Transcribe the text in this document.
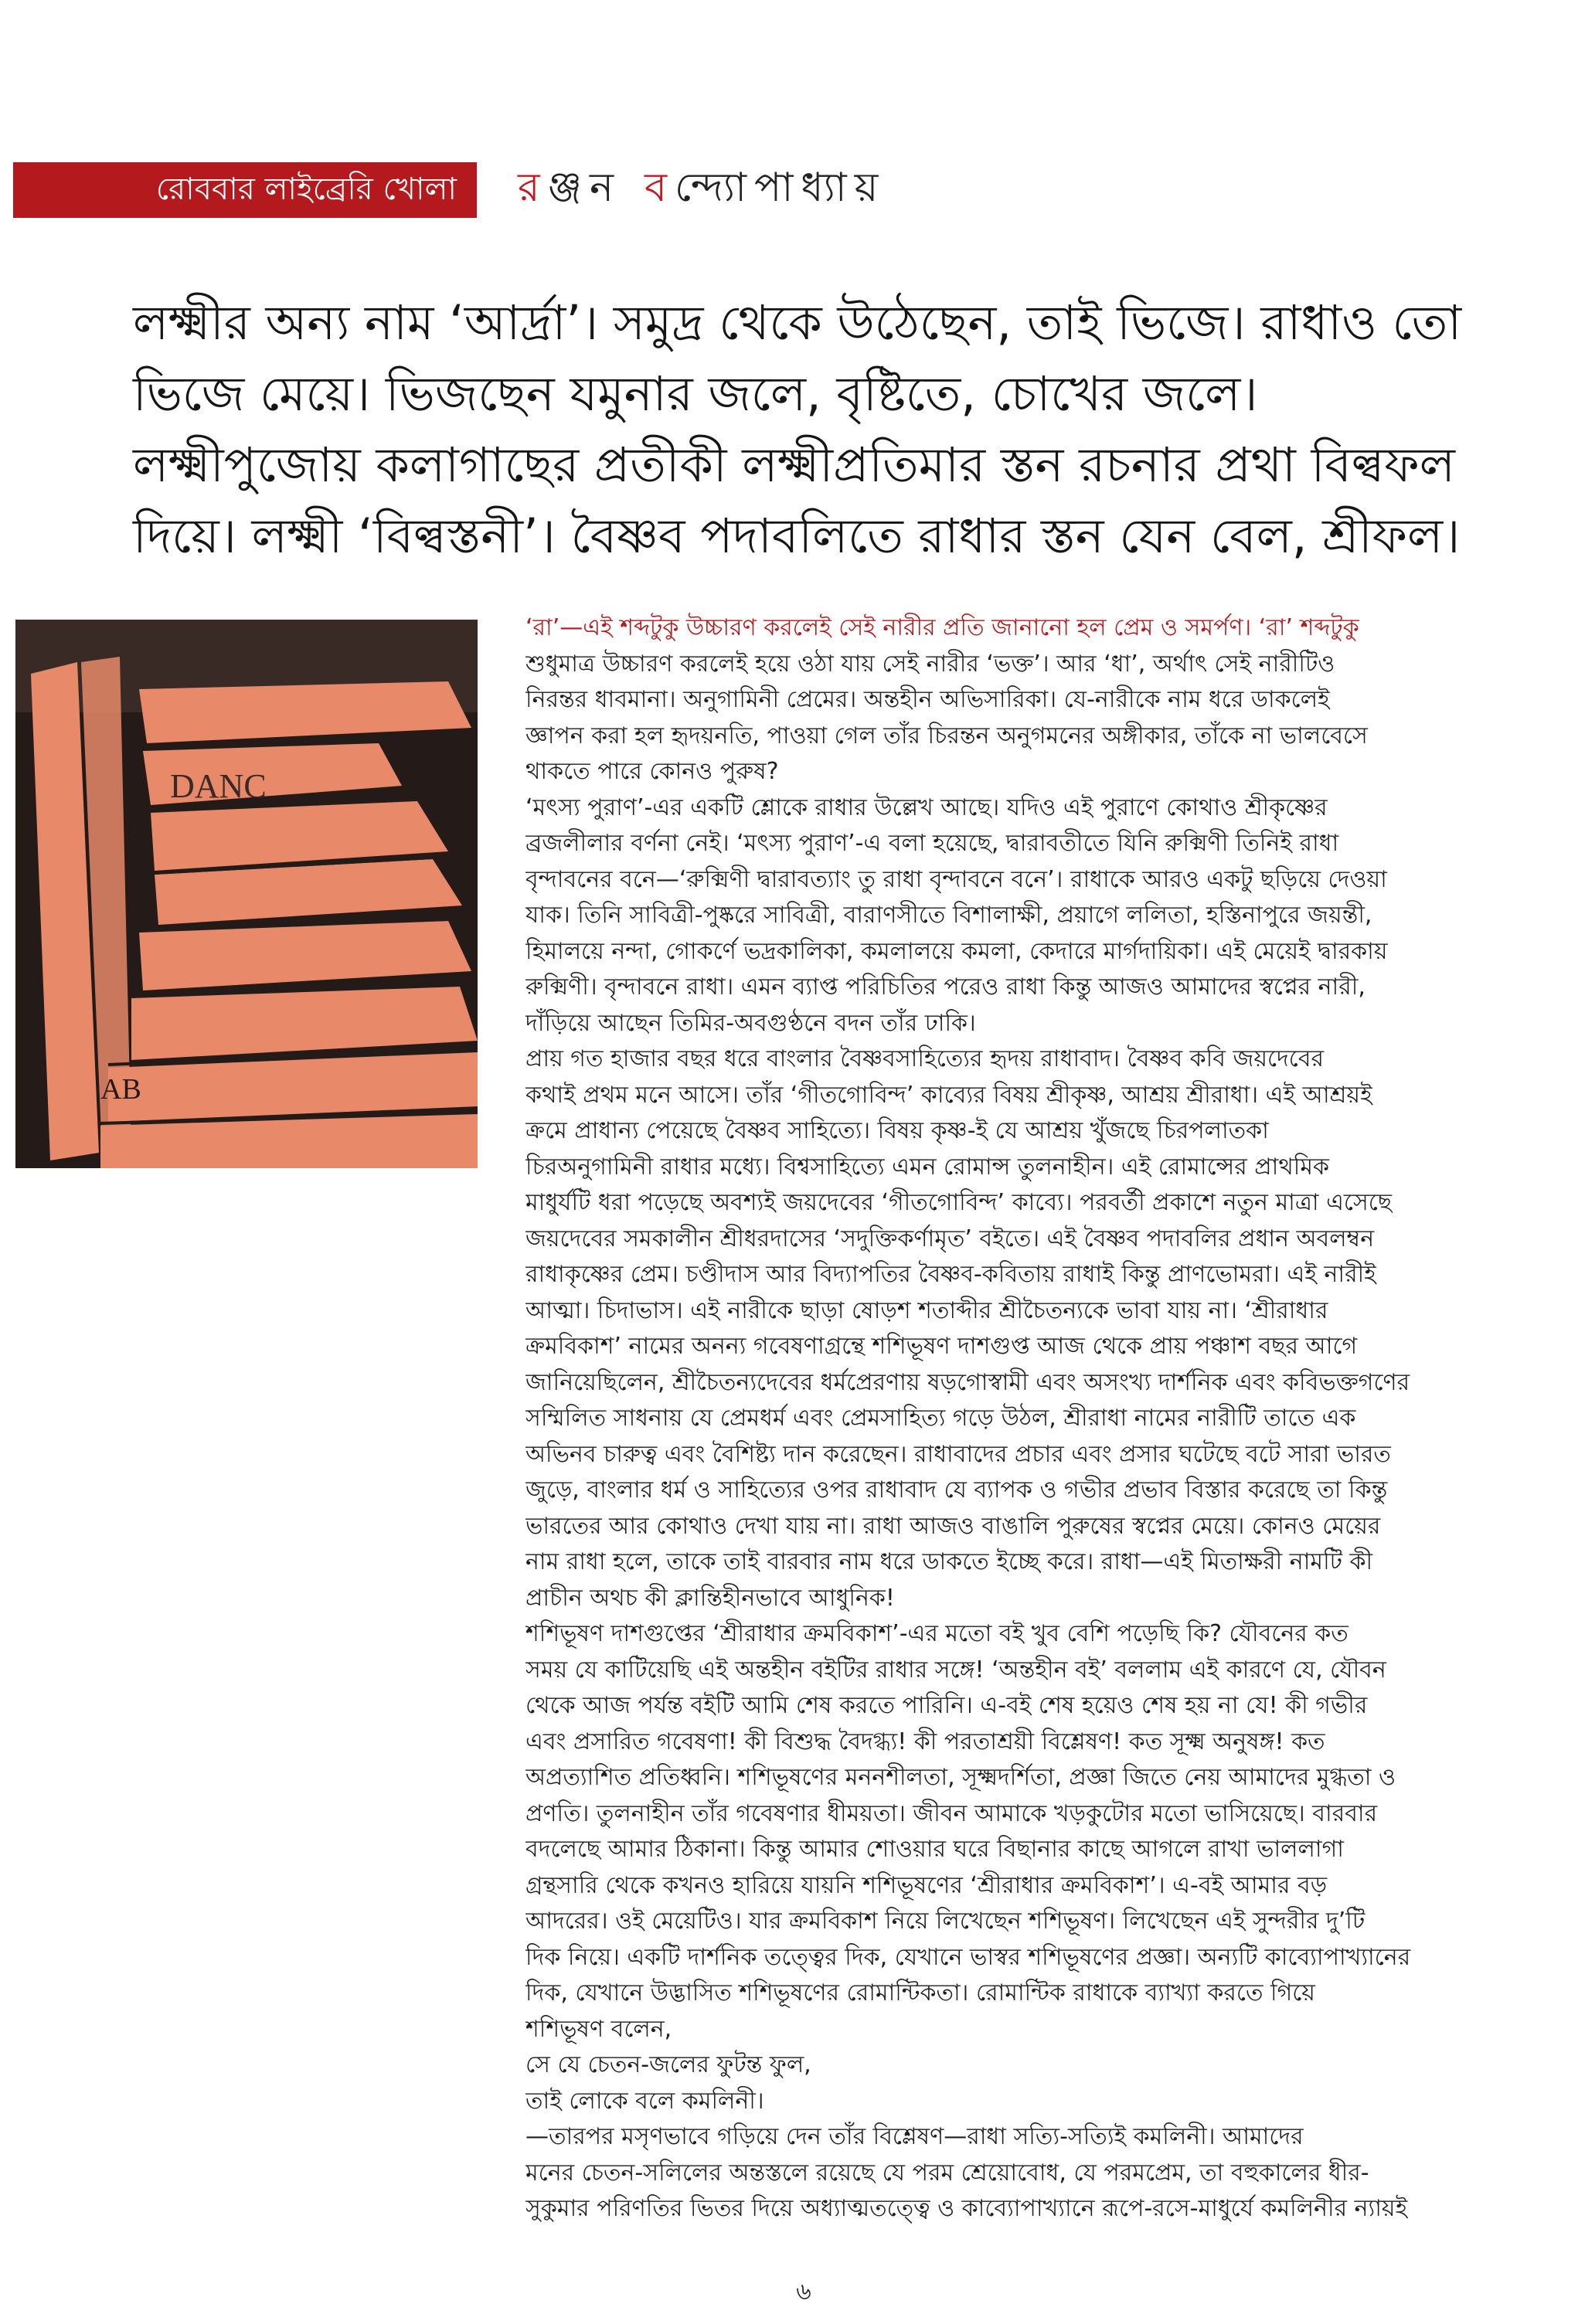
রোববার লাইব্রেরি খোলা র ঞ্জ ন ব ন্দ্যো পা ধ্যা য়
লক্ষ্মীর অন্য নাম ‘আর্দ্রা’। সমুদ্র থেকে উঠেছেন, তাই ভিজে। রাধাও তো
ভিজে মেয়ে। ভিজছেন যমুনার জলে, বৃষ্টিতে, চোখের জলে।
লক্ষ্মীপুজোয় কলাগাছের প্রতীকী লক্ষ্মীপ্রতিমার স্তন রচনার প্রথা বিল্বফল
দিয়ে। লক্ষ্মী ‘বিল্বস্তনী’। বৈষ্ণব পদাবলিতে রাধার স্তন যেন বেল, শ্রীফল।
DANC
AB
‘রা’—এই শব্দটুকু উচ্চারণ করলেই সেই নারীর প্রতি জানানো হল প্রেম ও সমর্পণ। ‘রা’ শব্দটুকু
শুধুমাত্র উচ্চারণ করলেই হয়ে ওঠা যায় সেই নারীর ‘ভক্ত’। আর ‘ধা’, অর্থাৎ সেই নারীটিও
নিরন্তর ধাবমানা। অনুগামিনী প্রেমের। অন্তহীন অভিসারিকা। যে-নারীকে নাম ধরে ডাকলেই
জ্ঞাপন করা হল হৃদয়নতি, পাওয়া গেল তাঁর চিরন্তন অনুগমনের অঙ্গীকার, তাঁকে না ভালবেসে
থাকতে পারে কোনও পুরুষ?
‘মৎস্য পুরাণ’-এর একটি শ্লোকে রাধার উল্লেখ আছে। যদিও এই পুরাণে কোথাও শ্রীকৃষ্ণের
ব্রজলীলার বর্ণনা নেই। ‘মৎস্য পুরাণ’-এ বলা হয়েছে, দ্বারাবতীতে যিনি রুক্মিণী তিনিই রাধা
বৃন্দাবনের বনে—‘রুক্মিণী দ্বারাবত্যাং তু রাধা বৃন্দাবনে বনে’। রাধাকে আরও একটু ছড়িয়ে দেওয়া
যাক। তিনি সাবিত্রী-পুষ্করে সাবিত্রী, বারাণসীতে বিশালাক্ষী, প্রয়াগে ললিতা, হস্তিনাপুরে জয়ন্তী,
হিমালয়ে নন্দা, গোকর্ণে ভদ্রকালিকা, কমলালয়ে কমলা, কেদারে মার্গদায়িকা। এই মেয়েই দ্বারকায়
রুক্মিণী। বৃন্দাবনে রাধা। এমন ব্যাপ্ত পরিচিতির পরেও রাধা কিন্তু আজও আমাদের স্বপ্নের নারী,
দাঁড়িয়ে আছেন তিমির-অবগুণ্ঠনে বদন তাঁর ঢাকি।
প্রায় গত হাজার বছর ধরে বাংলার বৈষ্ণবসাহিত্যের হৃদয় রাধাবাদ। বৈষ্ণব কবি জয়দেবের
কথাই প্রথম মনে আসে। তাঁর ‘গীতগোবিন্দ’ কাব্যের বিষয় শ্রীকৃষ্ণ, আশ্রয় শ্রীরাধা। এই আশ্রয়ই
ক্রমে প্রাধান্য পেয়েছে বৈষ্ণব সাহিত্যে। বিষয় কৃষ্ণ-ই যে আশ্রয় খুঁজছে চিরপলাতকা
চিরঅনুগামিনী রাধার মধ্যে। বিশ্বসাহিত্যে এমন রোমান্স তুলনাহীন। এই রোমান্সের প্রাথমিক
মাধুর্যটি ধরা পড়েছে অবশ্যই জয়দেবের ‘গীতগোবিন্দ’ কাব্যে। পরবর্তী প্রকাশে নতুন মাত্রা এসেছে
জয়দেবের সমকালীন শ্রীধরদাসের ‘সদুক্তিকর্ণামৃত’ বইতে। এই বৈষ্ণব পদাবলির প্রধান অবলম্বন
রাধাকৃষ্ণের প্রেম। চণ্ডীদাস আর বিদ্যাপতির বৈষ্ণব-কবিতায় রাধাই কিন্তু প্রাণভোমরা। এই নারীই
আত্মা। চিদাভাস। এই নারীকে ছাড়া ষোড়শ শতাব্দীর শ্রীচৈতন্যকে ভাবা যায় না। ‘শ্রীরাধার
ক্রমবিকাশ’ নামের অনন্য গবেষণাগ্রন্থে শশিভূষণ দাশগুপ্ত আজ থেকে প্রায় পঞ্চাশ বছর আগে
জানিয়েছিলেন, শ্রীচৈতন্যদেবের ধর্মপ্রেরণায় ষড়গোস্বামী এবং অসংখ্য দার্শনিক এবং কবিভক্তগণের
সম্মিলিত সাধনায় যে প্রেমধর্ম এবং প্রেমসাহিত্য গড়ে উঠল, শ্রীরাধা নামের নারীটি তাতে এক
অভিনব চারুত্ব এবং বৈশিষ্ট্য দান করেছেন। রাধাবাদের প্রচার এবং প্রসার ঘটেছে বটে সারা ভারত
জুড়ে, বাংলার ধর্ম ও সাহিত্যের ওপর রাধাবাদ যে ব্যাপক ও গভীর প্রভাব বিস্তার করেছে তা কিন্তু
ভারতের আর কোথাও দেখা যায় না। রাধা আজও বাঙালি পুরুষের স্বপ্নের মেয়ে। কোনও মেয়ের
নাম রাধা হলে, তাকে তাই বারবার নাম ধরে ডাকতে ইচ্ছে করে। রাধা—এই মিতাক্ষরী নামটি কী
প্রাচীন অথচ কী ক্লান্তিহীনভাবে আধুনিক!
শশিভূষণ দাশগুপ্তের ‘শ্রীরাধার ক্রমবিকাশ’-এর মতো বই খুব বেশি পড়েছি কি? যৌবনের কত
সময় যে কাটিয়েছি এই অন্তহীন বইটির রাধার সঙ্গে! ‘অন্তহীন বই’ বললাম এই কারণে যে, যৌবন
থেকে আজ পর্যন্ত বইটি আমি শেষ করতে পারিনি। এ-বই শেষ হয়েও শেষ হয় না যে! কী গভীর
এবং প্রসারিত গবেষণা! কী বিশুদ্ধ বৈদগ্ধ্য! কী পরতাশ্রয়ী বিশ্লেষণ! কত সূক্ষ্ম অনুষঙ্গ! কত
অপ্রত্যাশিত প্রতিধ্বনি। শশিভূষণের মননশীলতা, সূক্ষ্মদর্শিতা, প্রজ্ঞা জিতে নেয় আমাদের মুগ্ধতা ও
প্রণতি। তুলনাহীন তাঁর গবেষণার ধীময়তা। জীবন আমাকে খড়কুটোর মতো ভাসিয়েছে। বারবার
বদলেছে আমার ঠিকানা। কিন্তু আমার শোওয়ার ঘরে বিছানার কাছে আগলে রাখা ভাললাগা
গ্রন্থসারি থেকে কখনও হারিয়ে যায়নি শশিভূষণের ‘শ্রীরাধার ক্রমবিকাশ’। এ-বই আমার বড়
আদরের। ওই মেয়েটিও। যার ক্রমবিকাশ নিয়ে লিখেছেন শশিভূষণ। লিখেছেন এই সুন্দরীর দু’টি
দিক নিয়ে। একটি দার্শনিক তত্ত্বের দিক, যেখানে ভাস্বর শশিভূষণের প্রজ্ঞা। অন্যটি কাব্যোপাখ্যানের
দিক, যেখানে উদ্ভাসিত শশিভূষণের রোমান্টিকতা। রোমান্টিক রাধাকে ব্যাখ্যা করতে গিয়ে
শশিভূষণ বলেন,
সে যে চেতন-জলের ফুটন্ত ফুল,
তাই লোকে বলে কমলিনী।
—তারপর মসৃণভাবে গড়িয়ে দেন তাঁর বিশ্লেষণ—রাধা সত্যি-সত্যিই কমলিনী। আমাদের
মনের চেতন-সলিলের অন্তস্তলে রয়েছে যে পরম শ্রেয়োবোধ, যে পরমপ্রেম, তা বহুকালের ধীর-
সুকুমার পরিণতির ভিতর দিয়ে অধ্যাত্মতত্ত্বে ও কাব্যোপাখ্যানে রূপে-রসে-মাধুর্যে কমলিনীর ন্যায়ই
৬
